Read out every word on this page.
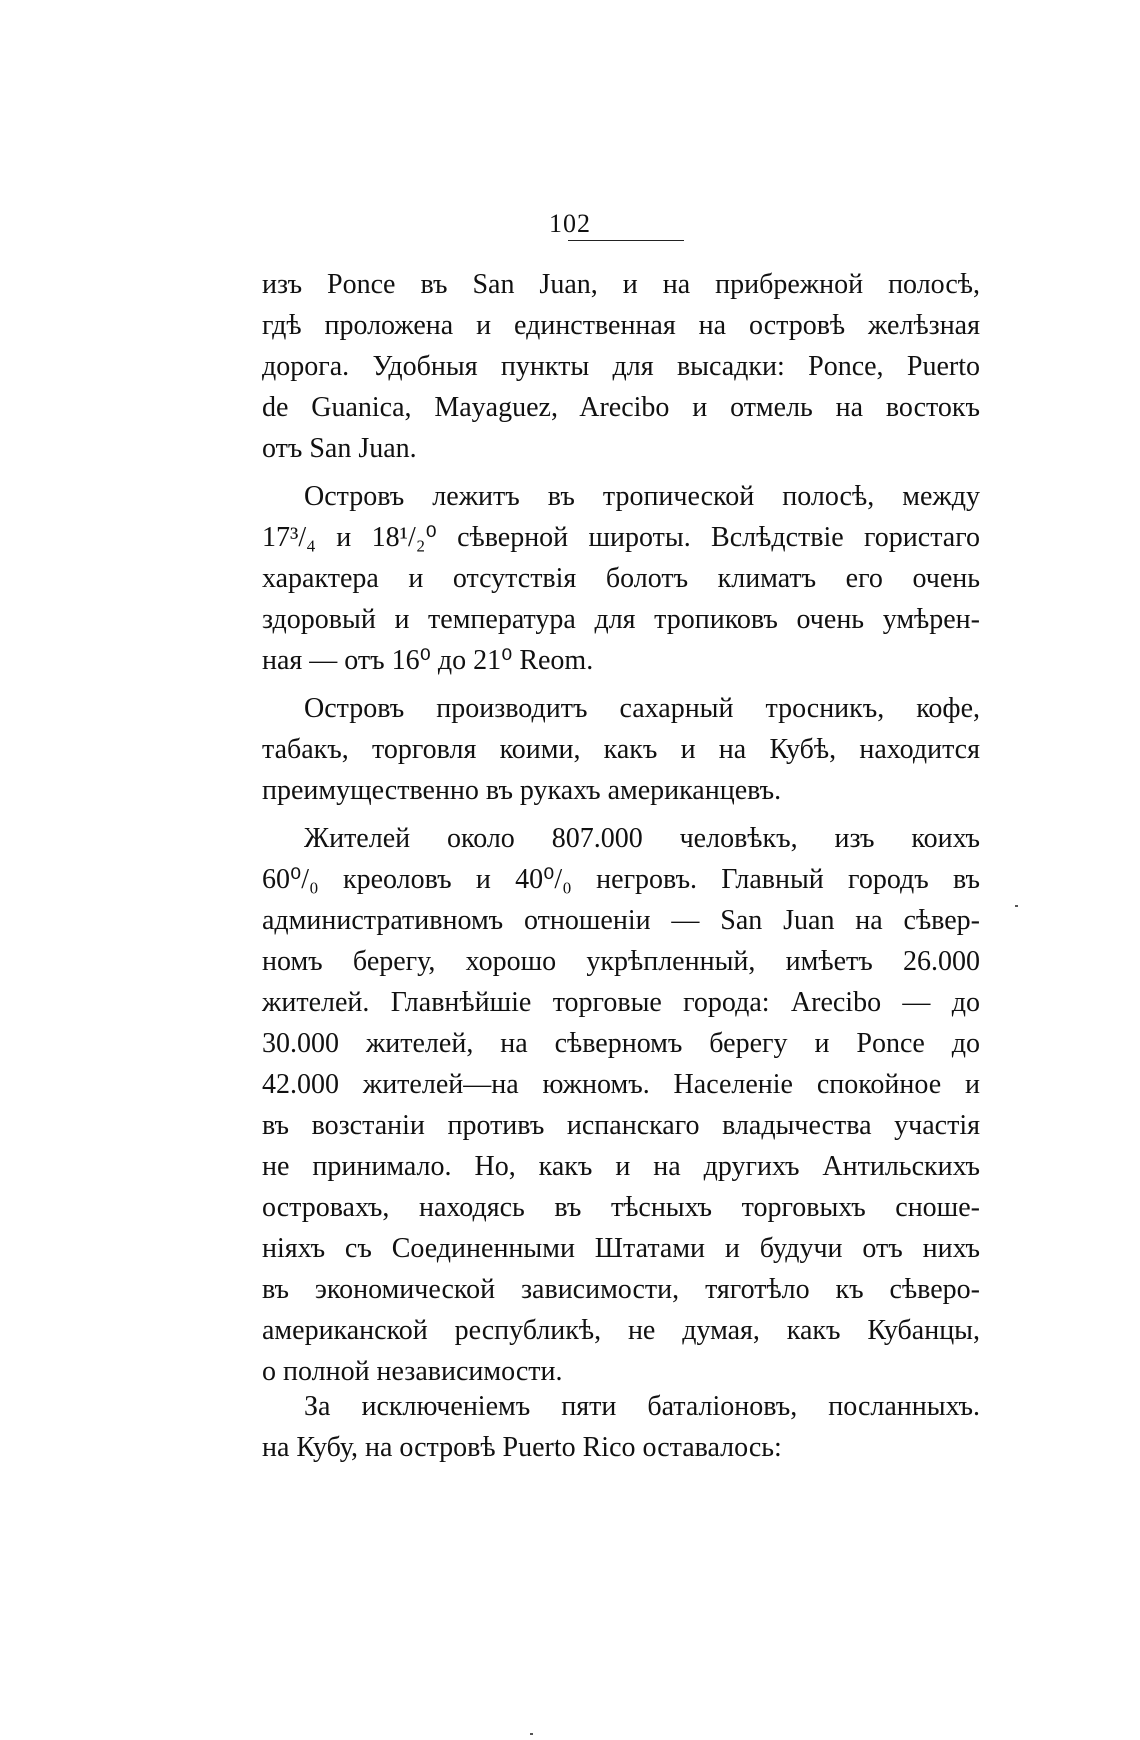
102
изъ Ponce въ San Juan, и на прибрежной полосѣ,
гдѣ проложена и единственная на островѣ желѣзная
дорога. Удобныя пункты для высадки: Ponce, Puerto
de Guanica, Mayaguez, Arecibo и отмель на востокъ
отъ San Juan.
Островъ лежитъ въ тропической полосѣ, между
17³/₄ и 18¹/₂⁰ сѣверной широты. Вслѣдствіе гористаго
характера и отсутствія болотъ климатъ его очень
здоровый и температура для тропиковъ очень умѣрен-
ная — отъ 16⁰ до 21⁰ Reom.
Островъ производитъ сахарный тросникъ, кофе,
табакъ, торговля коими, какъ и на Кубѣ, находится
преимущественно въ рукахъ американцевъ.
Жителей около 807.000 человѣкъ, изъ коихъ
60⁰/₀ креоловъ и 40⁰/₀ негровъ. Главный городъ въ
административномъ отношеніи — San Juan на сѣвер-
номъ берегу, хорошо укрѣпленный, имѣетъ 26.000
жителей. Главнѣйшіе торговые города: Arecibo — до
30.000 жителей, на сѣверномъ берегу и Ponce до
42.000 жителей—на южномъ. Населеніе спокойное и
въ возстаніи противъ испанскаго владычества участія
не принимало. Но, какъ и на другихъ Антильскихъ
островахъ, находясь въ тѣсныхъ торговыхъ сноше-
ніяхъ съ Соединенными Штатами и будучи отъ нихъ
въ экономической зависимости, тяготѣло къ сѣверо-
американской республикѣ, не думая, какъ Кубанцы,
о полной независимости.
За исключеніемъ пяти баталіоновъ, посланныхъ.
на Кубу, на островѣ Puerto Rico оставалось:
